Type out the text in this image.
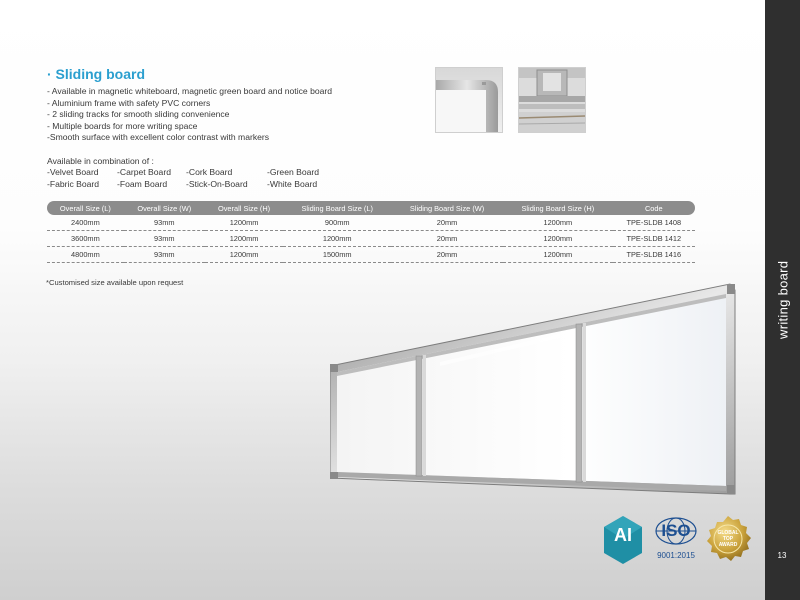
writing board
13
· Sliding board
- Available in magnetic whiteboard, magnetic green board and notice board
- Aluminium frame with safety PVC corners
- 2 sliding tracks for smooth sliding convenience
- Multiple boards for more writing space
-Smooth surface with excellent color contrast with markers
Available in combination of :
-Velvet Board -Carpet Board -Cork Board	-Green Board
-Fabric Board -Foam Board -Stick-On-Board -White Board
Overall Size (L)	Overall Size (W)	Overall Size (H)	Sliding Board Size (L)	Sliding Board Size (W)	Sliding Board Size (H)	Code
2400mm	93mm	1200mm	900mm	20mm	1200mm	TPE-SLDB 1408
3600mm	93mm	1200mm	1200mm	20mm	1200mm	TPE-SLDB 1412
4800mm	93mm	1200mm	1500mm	20mm	1200mm	TPE-SLDB 1416
*Customised size available upon request
AI	ISO
9001:2015
GLOBAL TOP AWARD
